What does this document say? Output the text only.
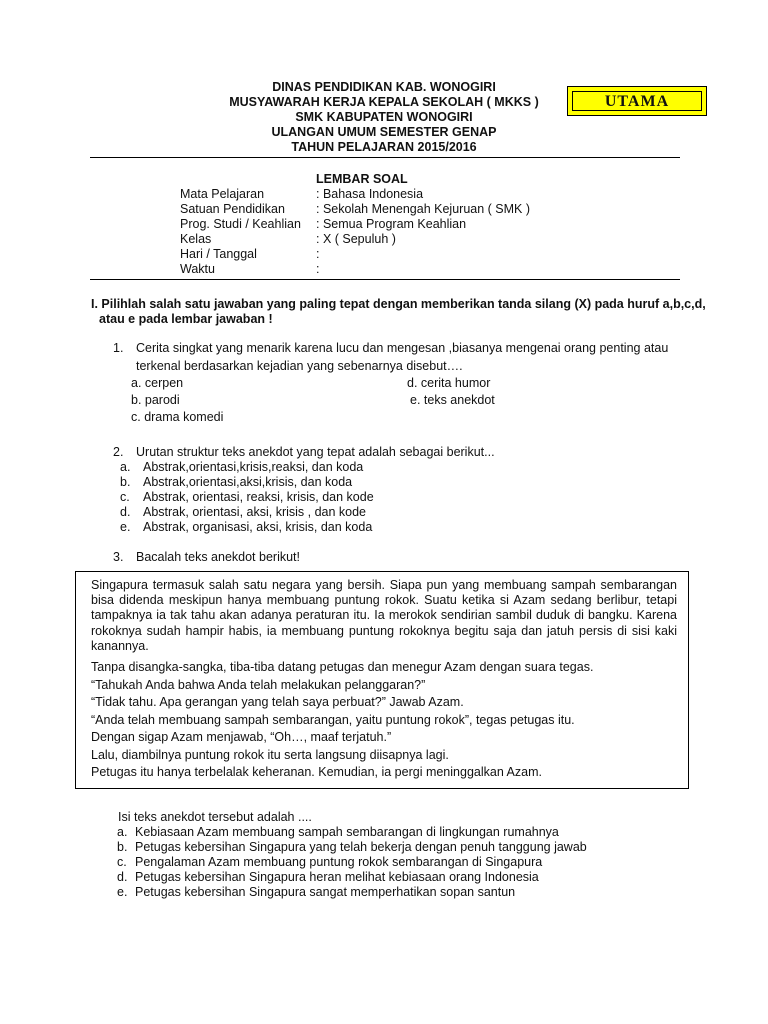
DINAS PENDIDIKAN KAB. WONOGIRI
MUSYAWARAH KERJA KEPALA SEKOLAH ( MKKS )
SMK KABUPATEN WONOGIRI
ULANGAN UMUM SEMESTER GENAP
TAHUN PELAJARAN 2015/2016
UTAMA
LEMBAR SOAL
Mata Pelajaran	: Bahasa Indonesia
Satuan Pendidikan : Sekolah Menengah Kejuruan ( SMK )
Prog. Studi / Keahlian : Semua Program Keahlian
Kelas	: X ( Sepuluh )
Hari / Tanggal	:
Waktu	:
I. Pilihlah salah satu jawaban yang paling tepat dengan memberikan tanda silang (X) pada huruf a,b,c,d,
atau e pada lembar jawaban !
1. Cerita singkat yang menarik karena lucu dan mengesan ,biasanya mengenai orang penting atau
terkenal berdasarkan kejadian yang sebenarnya disebut….
a. cerpen
b. parodi
c. drama komedi
d. cerita humor
e. teks anekdot
2. Urutan struktur teks anekdot yang tepat adalah sebagai berikut...
a. Abstrak,orientasi,krisis,reaksi, dan koda
b. Abstrak,orientasi,aksi,krisis, dan koda
c. Abstrak, orientasi, reaksi, krisis, dan kode
d. Abstrak, orientasi, aksi, krisis , dan kode
e. Abstrak, organisasi, aksi, krisis, dan koda
3. Bacalah teks anekdot berikut!
Singapura termasuk salah satu negara yang bersih. Siapa pun yang membuang sampah sembarangan bisa didenda meskipun hanya membuang puntung rokok. Suatu ketika si Azam sedang berlibur, tetapi tampaknya ia tak tahu akan adanya peraturan itu. Ia merokok sendirian sambil duduk di bangku. Karena rokoknya sudah hampir habis, ia membuang puntung rokoknya begitu saja dan jatuh persis di sisi kaki kanannya.
Tanpa disangka-sangka, tiba-tiba datang petugas dan menegur Azam dengan suara tegas.
“Tahukah Anda bahwa Anda telah melakukan pelanggaran?”
“Tidak tahu. Apa gerangan yang telah saya perbuat?” Jawab Azam.
“Anda telah membuang sampah sembarangan, yaitu puntung rokok”, tegas petugas itu.
Dengan sigap Azam menjawab, “Oh…, maaf terjatuh.”
Lalu, diambilnya puntung rokok itu serta langsung diisapnya lagi.
Petugas itu hanya terbelalak keheranan. Kemudian, ia pergi meninggalkan Azam.
Isi teks anekdot tersebut adalah ....
a. Kebiasaan Azam membuang sampah sembarangan di lingkungan rumahnya
b. Petugas kebersihan Singapura yang telah bekerja dengan penuh tanggung jawab
c. Pengalaman Azam membuang puntung rokok sembarangan di Singapura
d. Petugas kebersihan Singapura heran melihat kebiasaan orang Indonesia
e. Petugas kebersihan Singapura sangat memperhatikan sopan santun
